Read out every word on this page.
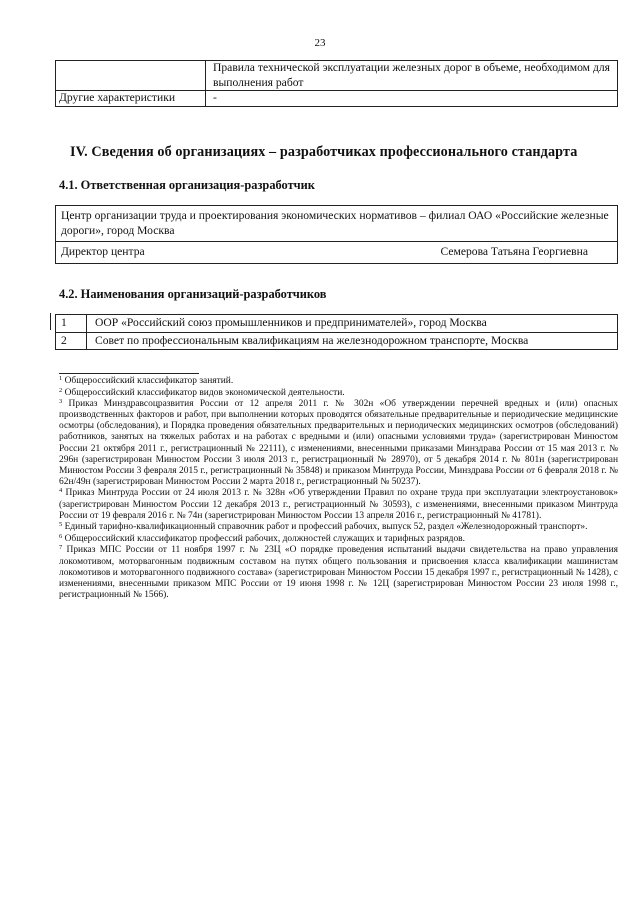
23
	Правила технической эксплуатации железных дорог в объеме, необходимом для выполнения работ
Другие характеристики	-
IV. Сведения об организациях – разработчиках профессионального стандарта
4.1. Ответственная организация-разработчик
Центр организации труда и проектирования экономических нормативов – филиал ОАО «Российские железные дороги», город Москва

Директор центра	Семерова Татьяна Георгиевна
4.2. Наименования организаций-разработчиков
1	ООР «Российский союз промышленников и предпринимателей», город Москва
2	Совет по профессиональным квалификациям на железнодорожном транспорте, Москва

$^1$ Общероссийский классификатор занятий.

$^2$ Общероссийский классификатор видов экономической деятельности.

$^3$ Приказ Минздравсоцразвития России от 12 апреля 2011 г. № 302н «Об утверждении перечней вредных и (или) опасных производственных факторов и работ, при выполнении которых проводятся обязательные предварительные и периодические медицинские осмотры (обследования), и Порядка проведения обязательных предварительных и периодических медицинских осмотров (обследований) работников, занятых на тяжелых работах и на работах с вредными и (или) опасными условиями труда» (зарегистрирован Минюстом России 21 октября 2011 г., регистрационный № 22111), с изменениями, внесенными приказами Минздрава России от 15 мая 2013 г. № 296н (зарегистрирован Минюстом России 3 июля 2013 г., регистрационный № 28970), от 5 декабря 2014 г. № 801н (зарегистрирован Минюстом России 3 февраля 2015 г., регистрационный № 35848) и приказом Минтруда России, Минздрава России от 6 февраля 2018 г. № 62н/49н (зарегистрирован Минюстом России 2 марта 2018 г., регистрационный № 50237).

$^4$ Приказ Минтруда России от 24 июля 2013 г. № 328н «Об утверждении Правил по охране труда при эксплуатации электроустановок» (зарегистрирован Минюстом России 12 декабря 2013 г., регистрационный № 30593), с изменениями, внесенными приказом Минтруда России от 19 февраля 2016 г. № 74н (зарегистрирован Минюстом России 13 апреля 2016 г., регистрационный № 41781).

$^5$ Единый тарифно-квалификационный справочник работ и профессий рабочих, выпуск 52, раздел «Железнодорожный транспорт».

$^6$ Общероссийский классификатор профессий рабочих, должностей служащих и тарифных разрядов.

$^7$ Приказ МПС России от 11 ноября 1997 г. № 23Ц «О порядке проведения испытаний выдачи свидетельства на право управления локомотивом, моторвагонным подвижным составом на путях общего пользования и присвоения класса квалификации машинистам локомотивов и моторвагонного подвижного состава» (зарегистрирован Минюстом России 15 декабря 1997 г., регистрационный № 1428), с изменениями, внесенными приказом МПС России от 19 июня 1998 г. № 12Ц (зарегистрирован Минюстом России 23 июля 1998 г., регистрационный № 1566).
